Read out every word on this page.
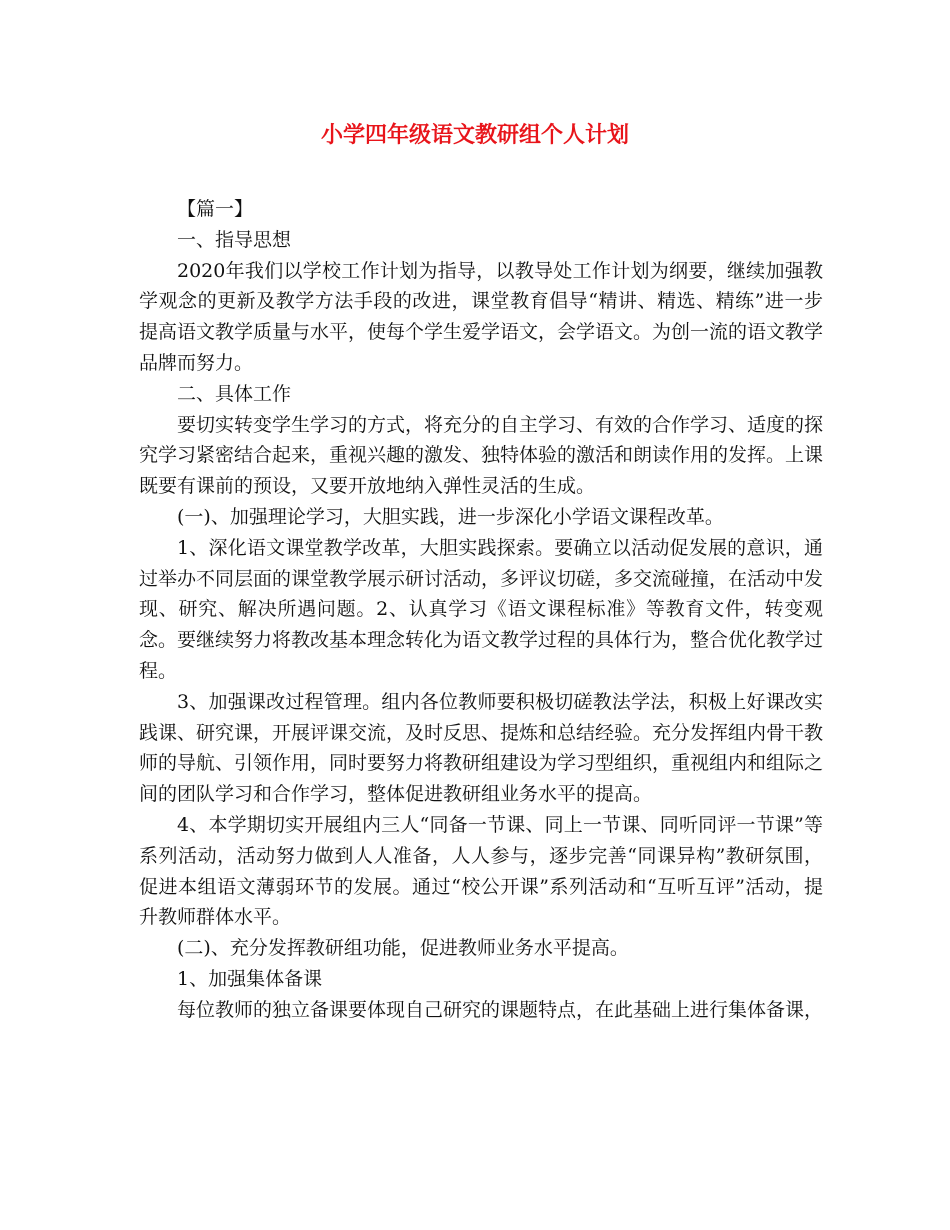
小学四年级语文教研组个人计划

【篇一】

一、指导思想

2020年我们以学校工作计划为指导，以教导处工作计划为纲要，继续加强教学观念的更新及教学方法手段的改进，课堂教育倡导“精讲、精选、精练”进一步提高语文教学质量与水平，使每个学生爱学语文，会学语文。为创一流的语文教学品牌而努力。

二、具体工作

要切实转变学生学习的方式，将充分的自主学习、有效的合作学习、适度的探究学习紧密结合起来，重视兴趣的激发、独特体验的激活和朗读作用的发挥。上课既要有课前的预设，又要开放地纳入弹性灵活的生成。

(一)、加强理论学习，大胆实践，进一步深化小学语文课程改革。

1、深化语文课堂教学改革，大胆实践探索。要确立以活动促发展的意识，通过举办不同层面的课堂教学展示研讨活动，多评议切磋，多交流碰撞，在活动中发现、研究、解决所遇问题。2、认真学习《语文课程标准》等教育文件，转变观念。要继续努力将教改基本理念转化为语文教学过程的具体行为，整合优化教学过程。

3、加强课改过程管理。组内各位教师要积极切磋教法学法，积极上好课改实践课、研究课，开展评课交流，及时反思、提炼和总结经验。充分发挥组内骨干教师的导航、引领作用，同时要努力将教研组建设为学习型组织，重视组内和组际之间的团队学习和合作学习，整体促进教研组业务水平的提高。

4、本学期切实开展组内三人“同备一节课、同上一节课、同听同评一节课”等系列活动，活动努力做到人人准备，人人参与，逐步完善“同课异构”教研氛围，促进本组语文薄弱环节的发展。通过“校公开课”系列活动和“互听互评”活动，提升教师群体水平。

(二)、充分发挥教研组功能，促进教师业务水平提高。

1、加强集体备课

每位教师的独立备课要体现自己研究的课题特点，在此基础上进行集体备课，
